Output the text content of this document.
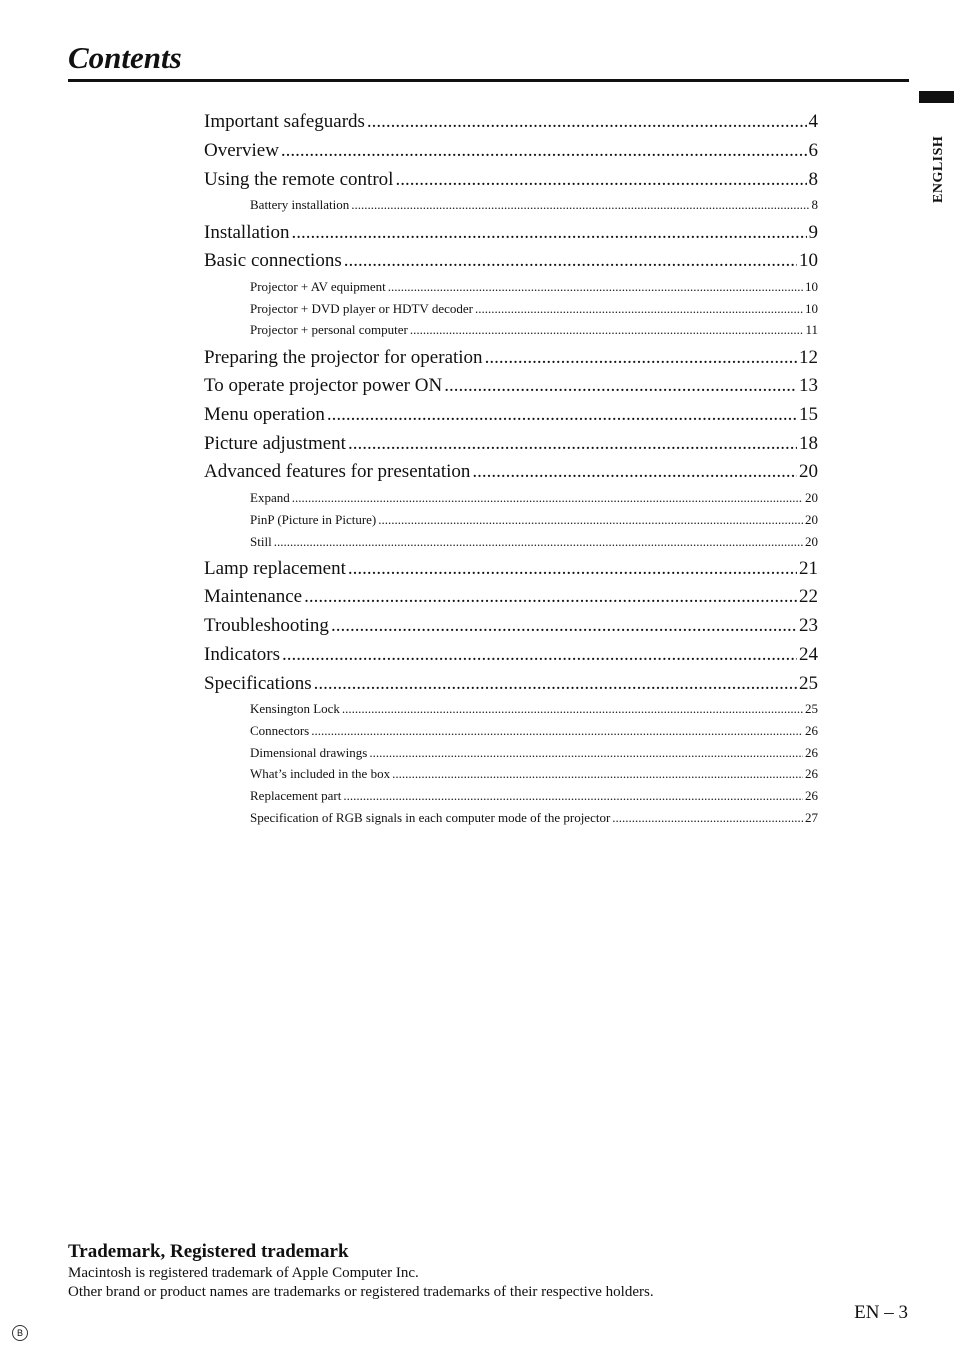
Contents
ENGLISH
Important safeguards .....	4
Overview .....	6
Using the remote control .....	8
Battery installation .....	8
Installation .....	9
Basic connections .....	10
Projector + AV equipment .....	10
Projector + DVD player or HDTV decoder .....	10
Projector + personal computer .....	11
Preparing the projector for operation .....	12
To operate projector power ON .....	13
Menu operation .....	15
Picture adjustment .....	18
Advanced features for presentation .....	20
Expand .....	20
PinP (Picture in Picture) .....	20
Still .....	20
Lamp replacement .....	21
Maintenance .....	22
Troubleshooting .....	23
Indicators .....	24
Specifications .....	25
Kensington Lock .....	25
Connectors .....	26
Dimensional drawings .....	26
What’s included in the box .....	26
Replacement part .....	26
Specification of RGB signals in each computer mode of the projector .....	27
Trademark, Registered trademark

Macintosh is registered trademark of Apple Computer Inc.

Other brand or product names are trademarks or registered trademarks of their respective holders.

EN – 3
B
